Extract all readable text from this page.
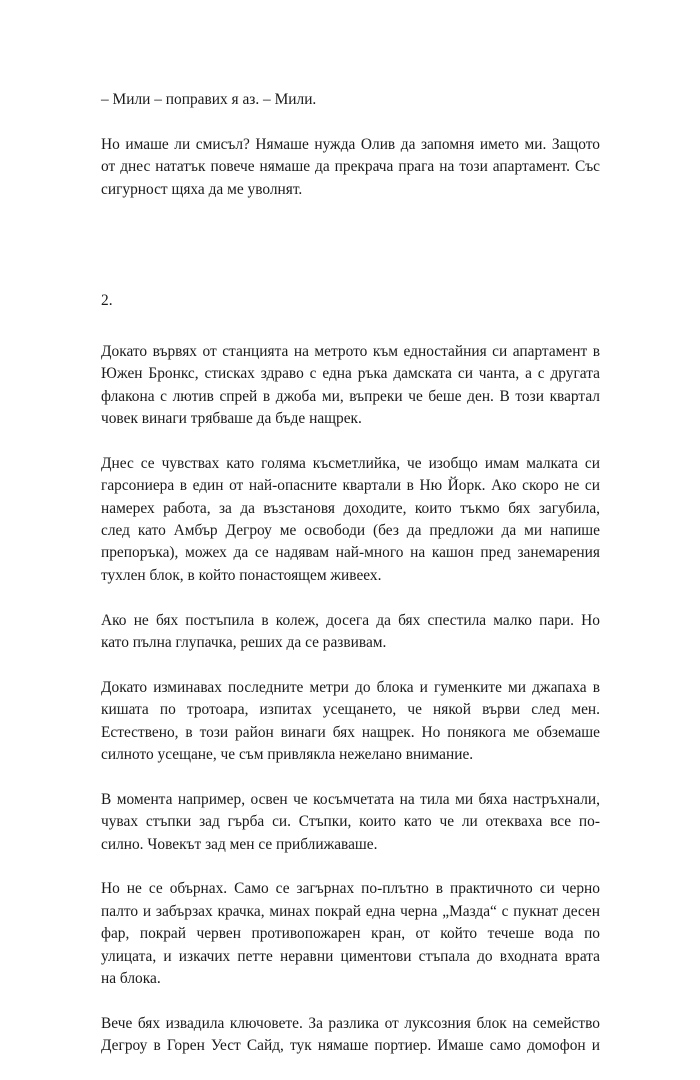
– Мили – поправих я аз. – Мили.

Но имаше ли смисъл? Нямаше нужда Олив да запомня името ми. Защото
от днес нататък повече нямаше да прекрача прага на този апартамент. Със
сигурност щяха да ме уволнят.

2.

Докато вървях от станцията на метрото към едностайния си апартамент в
Южен Бронкс, стисках здраво с една ръка дамската си чанта, а с другата
флакона с лютив спрей в джоба ми, въпреки че беше ден. В този квартал
човек винаги трябваше да бъде нащрек.

Днес се чувствах като голяма късметлийка, че изобщо имам малката си
гарсониера в един от най-опасните квартали в Ню Йорк. Ако скоро не си
намерех работа, за да възстановя доходите, които тъкмо бях загубила,
след като Амбър Дегроу ме освободи (без да предложи да ми напише
препоръка), можех да се надявам най-много на кашон пред занемарения
тухлен блок, в който понастоящем живеех.

Ако не бях постъпила в колеж, досега да бях спестила малко пари. Но
като пълна глупачка, реших да се развивам.

Докато изминавах последните метри до блока и гуменките ми джапаха в
кишата по тротоара, изпитах усещането, че някой върви след мен.
Естествено, в този район винаги бях нащрек. Но понякога ме обземаше
силното усещане, че съм привлякла нежелано внимание.

В момента например, освен че косъмчетата на тила ми бяха настръхнали,
чувах стъпки зад гърба си. Стъпки, които като че ли отекваха все по-
силно. Човекът зад мен се приближаваше.

Но не се обърнах. Само се загърнах по-плътно в практичното си черно
палто и забързах крачка, минах покрай една черна „Мазда“ с пукнат десен
фар, покрай червен противопожарен кран, от който течеше вода по
улицата, и изкачих петте неравни циментови стъпала до входната врата
на блока.

Вече бях извадила ключовете. За разлика от луксозния блок на семейство
Дегроу в Горен Уест Сайд, тук нямаше портиер. Имаше само домофон и
